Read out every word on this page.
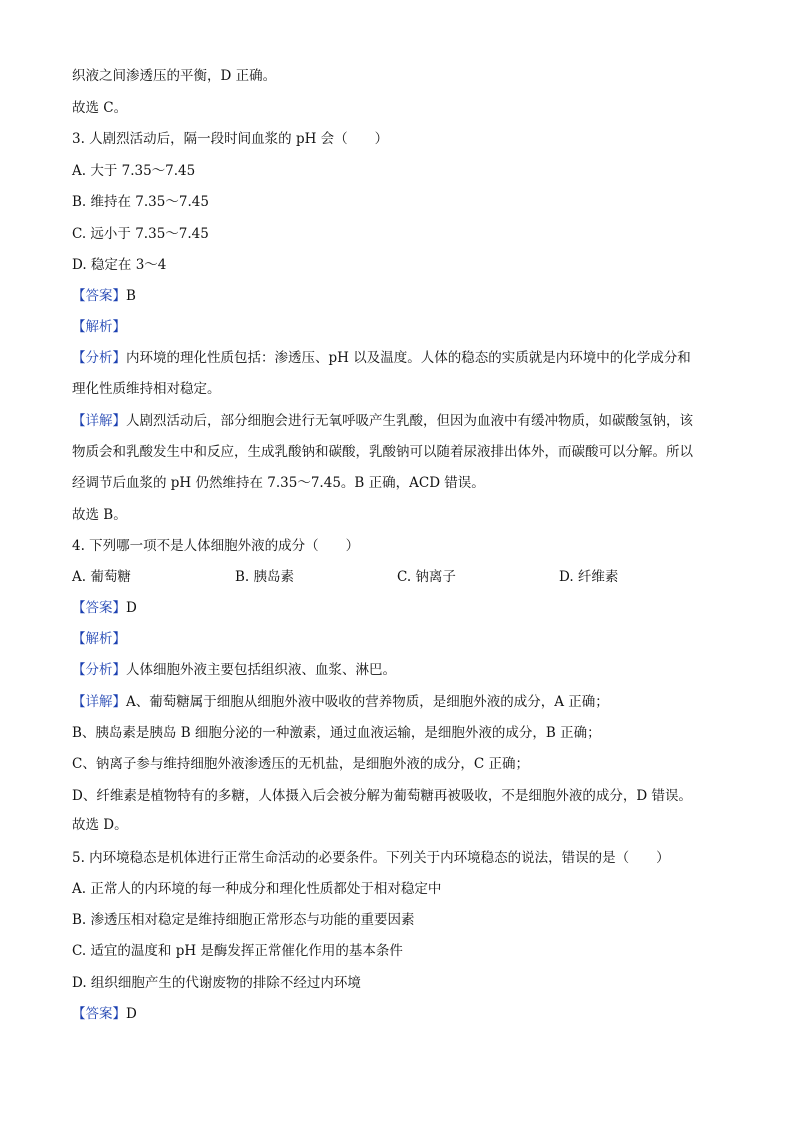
织液之间渗透压的平衡，D 正确。
故选 C。
3. 人剧烈活动后，隔一段时间血浆的 pH 会（　　）
A. 大于 7.35～7.45
B. 维持在 7.35～7.45
C. 远小于 7.35～7.45
D. 稳定在 3～4
【答案】B
【解析】
【分析】内环境的理化性质包括：渗透压、pH 以及温度。人体的稳态的实质就是内环境中的化学成分和
理化性质维持相对稳定。
【详解】人剧烈活动后，部分细胞会进行无氧呼吸产生乳酸，但因为血液中有缓冲物质，如碳酸氢钠，该
物质会和乳酸发生中和反应，生成乳酸钠和碳酸，乳酸钠可以随着尿液排出体外，而碳酸可以分解。所以
经调节后血浆的 pH 仍然维持在 7.35～7.45。B 正确，ACD 错误。
故选 B。
4. 下列哪一项不是人体细胞外液的成分（　　）
A. 葡萄糖	B. 胰岛素	C. 钠离子	D. 纤维素
【答案】D
【解析】
【分析】人体细胞外液主要包括组织液、血浆、淋巴。
【详解】A、葡萄糖属于细胞从细胞外液中吸收的营养物质，是细胞外液的成分，A 正确；
B、胰岛素是胰岛 B 细胞分泌的一种激素，通过血液运输，是细胞外液的成分，B 正确；
C、钠离子参与维持细胞外液渗透压的无机盐，是细胞外液的成分，C 正确；
D、纤维素是植物特有的多糖，人体摄入后会被分解为葡萄糖再被吸收，不是细胞外液的成分，D 错误。
故选 D。
5. 内环境稳态是机体进行正常生命活动的必要条件。下列关于内环境稳态的说法，错误的是（　　）
A. 正常人的内环境的每一种成分和理化性质都处于相对稳定中
B. 渗透压相对稳定是维持细胞正常形态与功能的重要因素
C. 适宜的温度和 pH 是酶发挥正常催化作用的基本条件
D. 组织细胞产生的代谢废物的排除不经过内环境
【答案】D
